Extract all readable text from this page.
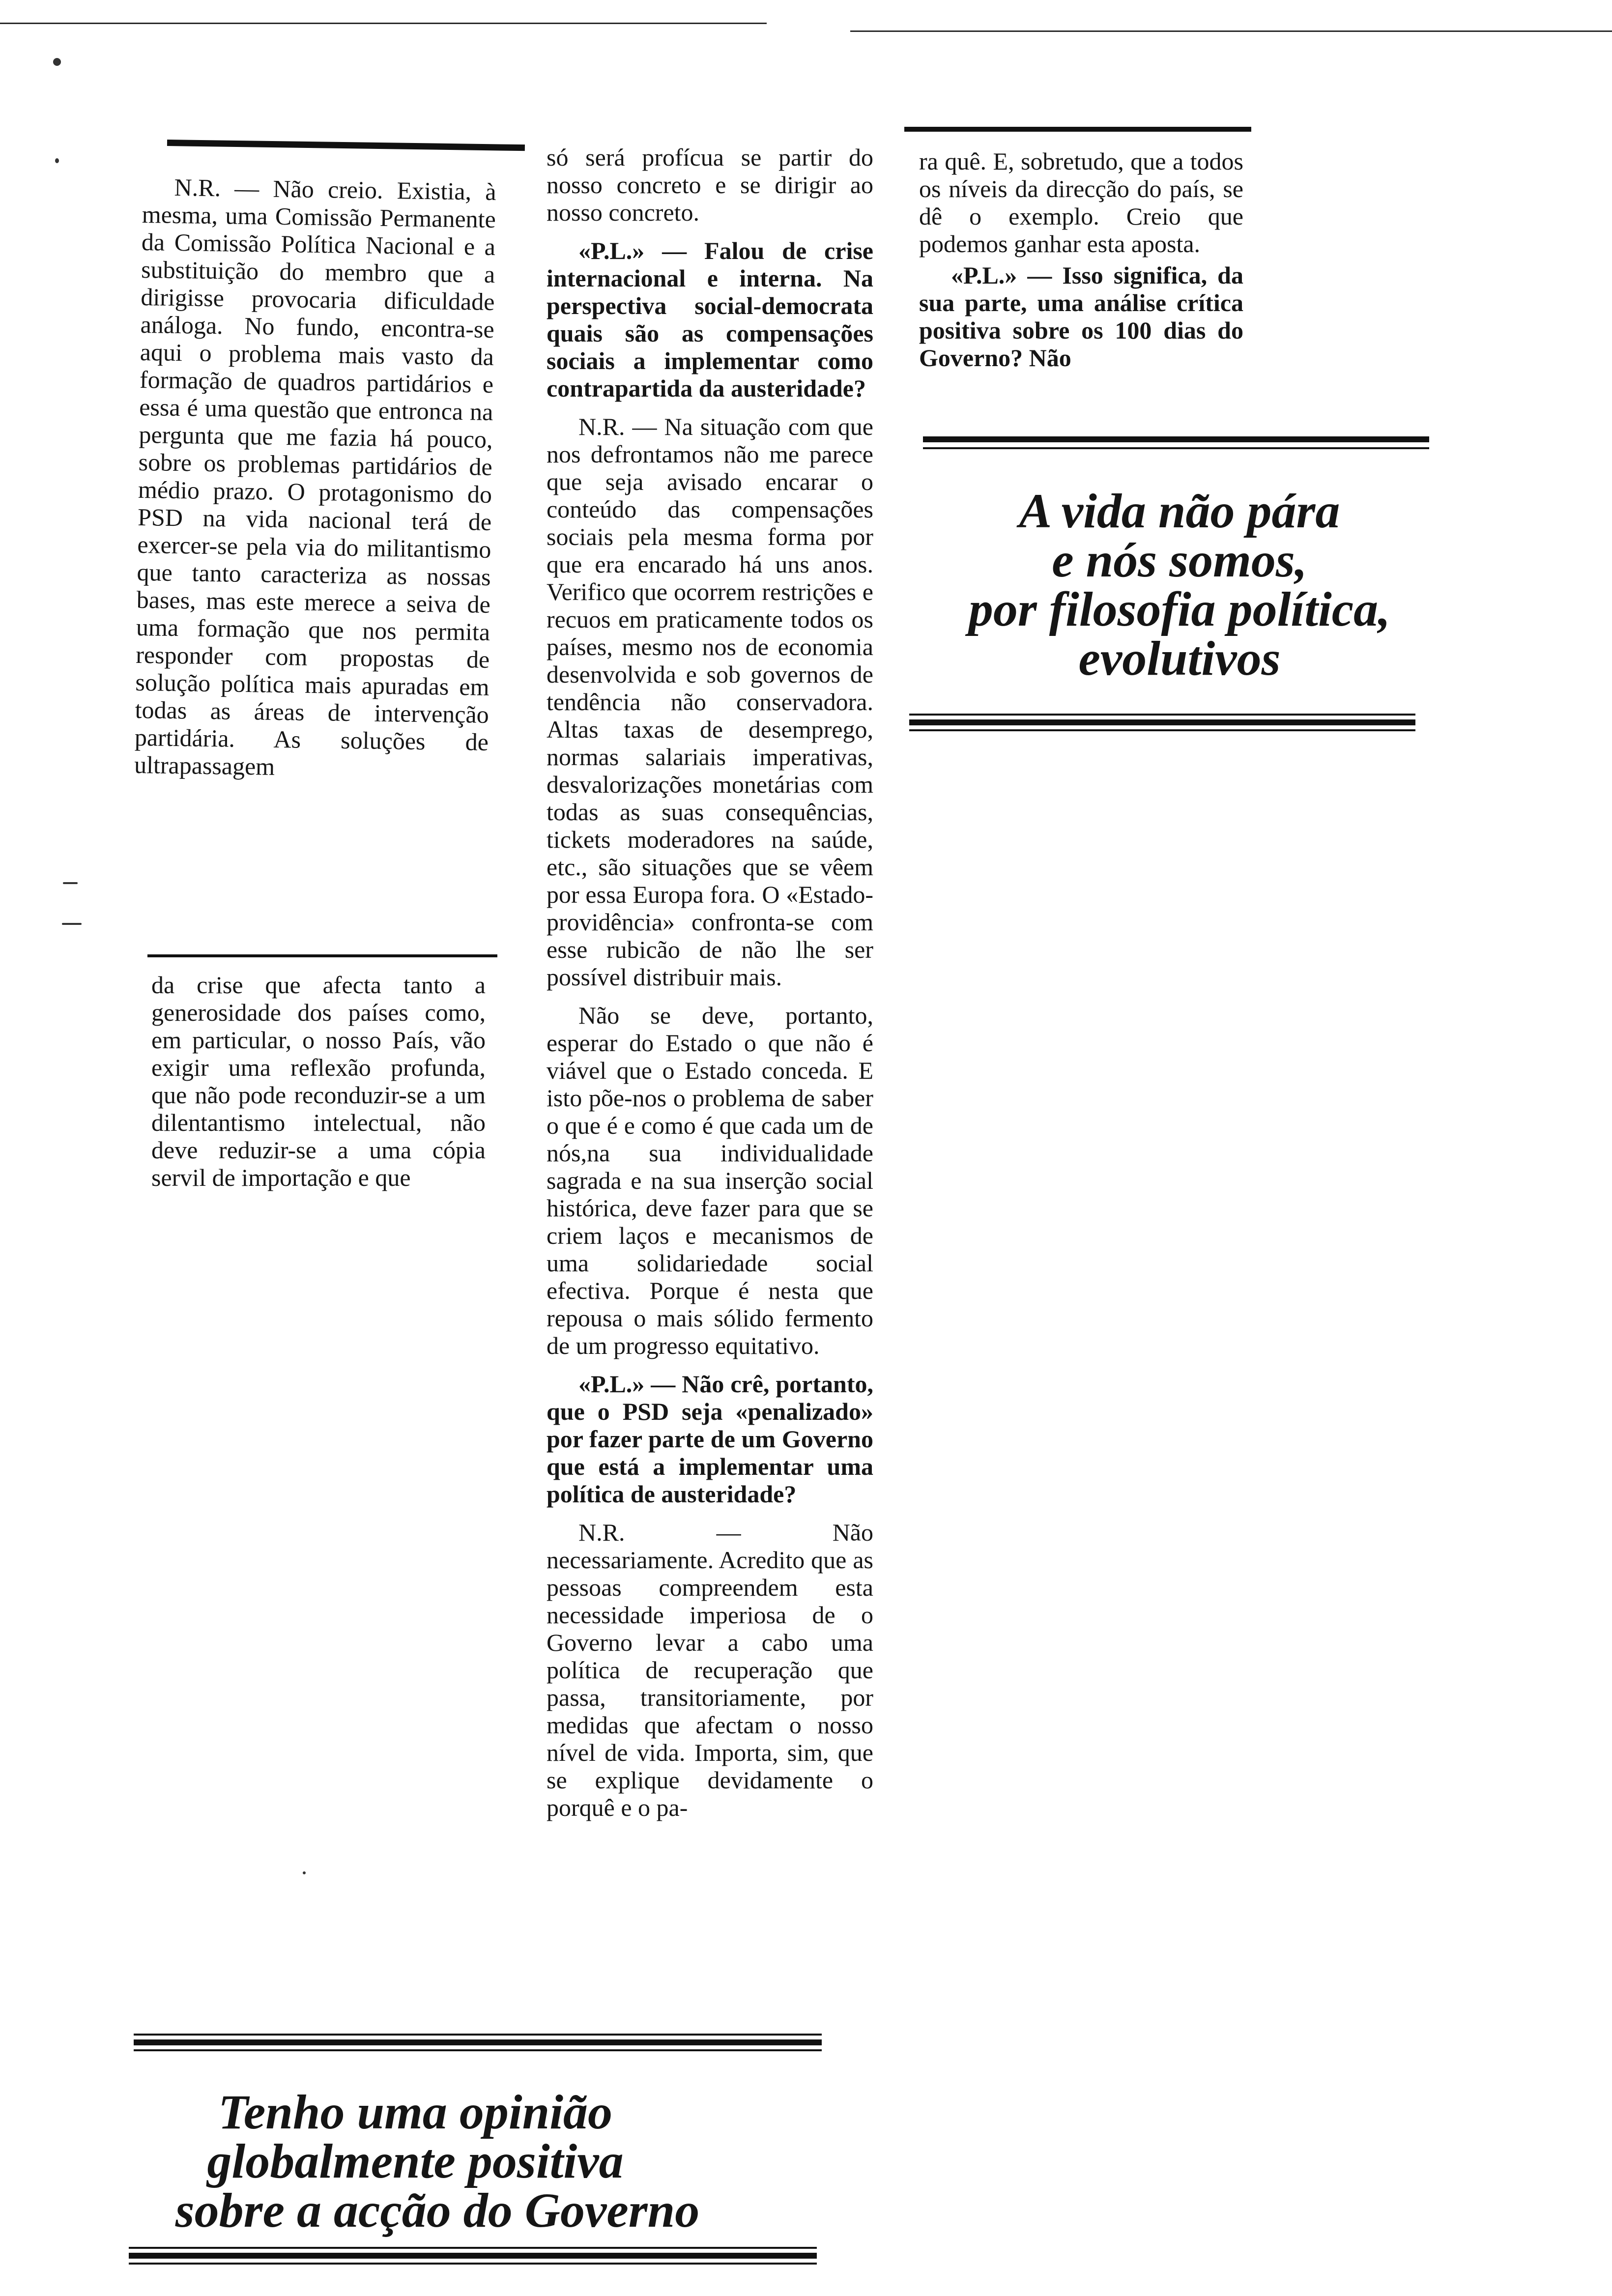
N.R. — Não creio. Existia, à mesma, uma Comissão Permanente da Comissão Política Nacional e a substituição do membro que a dirigisse provocaria dificuldade análoga. No fundo, encontra-se aqui o problema mais vasto da formação de quadros partidários e essa é uma questão que entronca na pergunta que me fazia há pouco, sobre os problemas partidários de médio prazo. O protagonismo do PSD na vida nacional terá de exercer-se pela via do militantismo que tanto caracteriza as nossas bases, mas este merece a seiva de uma formação que nos permita responder com propostas de solução política mais apuradas em todas as áreas de intervenção partidária. As soluções de ultrapassagem

da crise que afecta tanto a generosidade dos países como, em particular, o nosso País, vão exigir uma reflexão profunda, que não pode reconduzir-se a um dilentantismo intelectual, não deve reduzir-se a uma cópia servil de importação e que

só será profícua se partir do nosso concreto e se dirigir ao nosso concreto.

«P.L.» — Falou de crise internacional e interna. Na perspectiva social-democrata quais são as compensações sociais a implementar como contrapartida da austeridade?

N.R. — Na situação com que nos defrontamos não me parece que seja avisado encarar o conteúdo das compensações sociais pela mesma forma por que era encarado há uns anos. Verifico que ocorrem restrições e recuos em praticamente todos os países, mesmo nos de economia desenvolvida e sob governos de tendência não conservadora. Altas taxas de desemprego, normas salariais imperativas, desvalorizações monetárias com todas as suas consequências, tickets moderadores na saúde, etc., são situações que se vêem por essa Europa fora. O «Estado-providência» confronta-se com esse rubicão de não lhe ser possível distribuir mais.

Não se deve, portanto, esperar do Estado o que não é viável que o Estado conceda. E isto põe-nos o problema de saber o que é e como é que cada um de nós,na sua individualidade sagrada e na sua inserção social histórica, deve fazer para que se criem laços e mecanismos de uma solidariedade social efectiva. Porque é nesta que repousa o mais sólido fermento de um progresso equitativo.

«P.L.» — Não crê, portanto, que o PSD seja «penalizado» por fazer parte de um Governo que está a implementar uma política de austeridade?

N.R. — Não necessariamente. Acredito que as pessoas compreendem esta necessidade imperiosa de o Governo levar a cabo uma política de recuperação que passa, transitoriamente, por medidas que afectam o nosso nível de vida. Importa, sim, que se explique devidamente o porquê e o pa-

ra quê. E, sobretudo, que a todos os níveis da direcção do país, se dê o exemplo. Creio que podemos ganhar esta aposta.

«P.L.» — Isso significa, da sua parte, uma análise crítica positiva sobre os 100 dias do Governo? Não

A vida não pára
e nós somos,
por filosofia política,
evolutivos
Tenho uma opinião
globalmente positiva
sobre a acção do Governo
